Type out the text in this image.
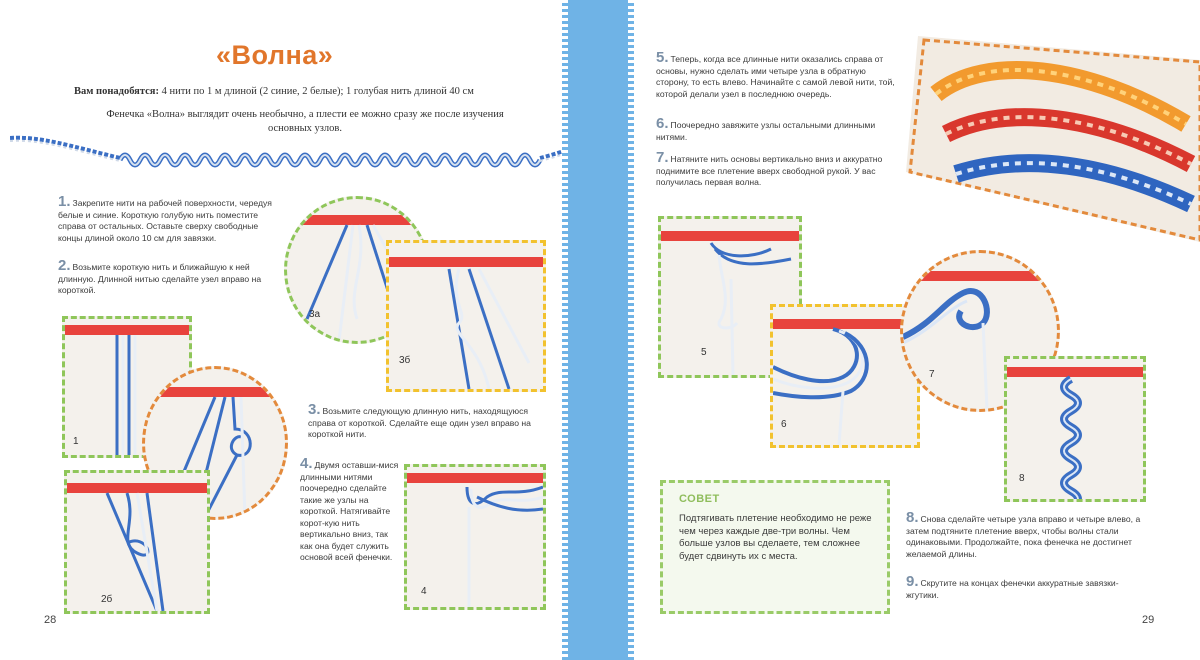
«Волна»
Вам понадобятся: 4 нити по 1 м длиной (2 синие, 2 белые); 1 голубая нить длиной 40 см
Фенечка «Волна» выглядит очень необычно, а плести ее можно сразу же после изучения основных узлов.
1. Закрепите нити на рабочей поверхности, чередуя белые и синие. Короткую голубую нить поместите справа от остальных. Оставьте сверху свободные концы длиной около 10 см для завязки.
2. Возьмите короткую нить и ближайшую к ней длинную. Длинной нитью сделайте узел вправо на короткой.
3. Возьмите следующую длинную нить, находящуюся справа от короткой. Сделайте еще один узел вправо на короткой нити.
4. Двумя оставши-мися длинными нитями поочередно сделайте такие же узлы на короткой. Натягивайте корот-кую нить вертикально вниз, так как она будет служить основой всей фенечки.
1
2б
3а
3б
4
28
5. Теперь, когда все длинные нити оказались справа от основы, нужно сделать ими четыре узла в обратную сторону, то есть влево. Начинайте с самой левой нити, той, которой делали узел в последнюю очередь.
6. Поочередно завяжите узлы остальными длинными нитями.
7. Натяните нить основы вертикально вниз и аккуратно поднимите все плетение вверх свободной рукой. У вас получилась первая волна.
5
6
7
8
СОВЕТ
Подтягивать плетение необходимо не реже чем через каждые две-три волны. Чем больше узлов вы сделаете, тем сложнее будет сдвинуть их с места.
8. Снова сделайте четыре узла вправо и четыре влево, а затем подтяните плетение вверх, чтобы волны стали одинаковыми. Продолжайте, пока фенечка не достигнет желаемой длины.
9. Скрутите на концах фенечки аккуратные завязки-жгутики.
29
